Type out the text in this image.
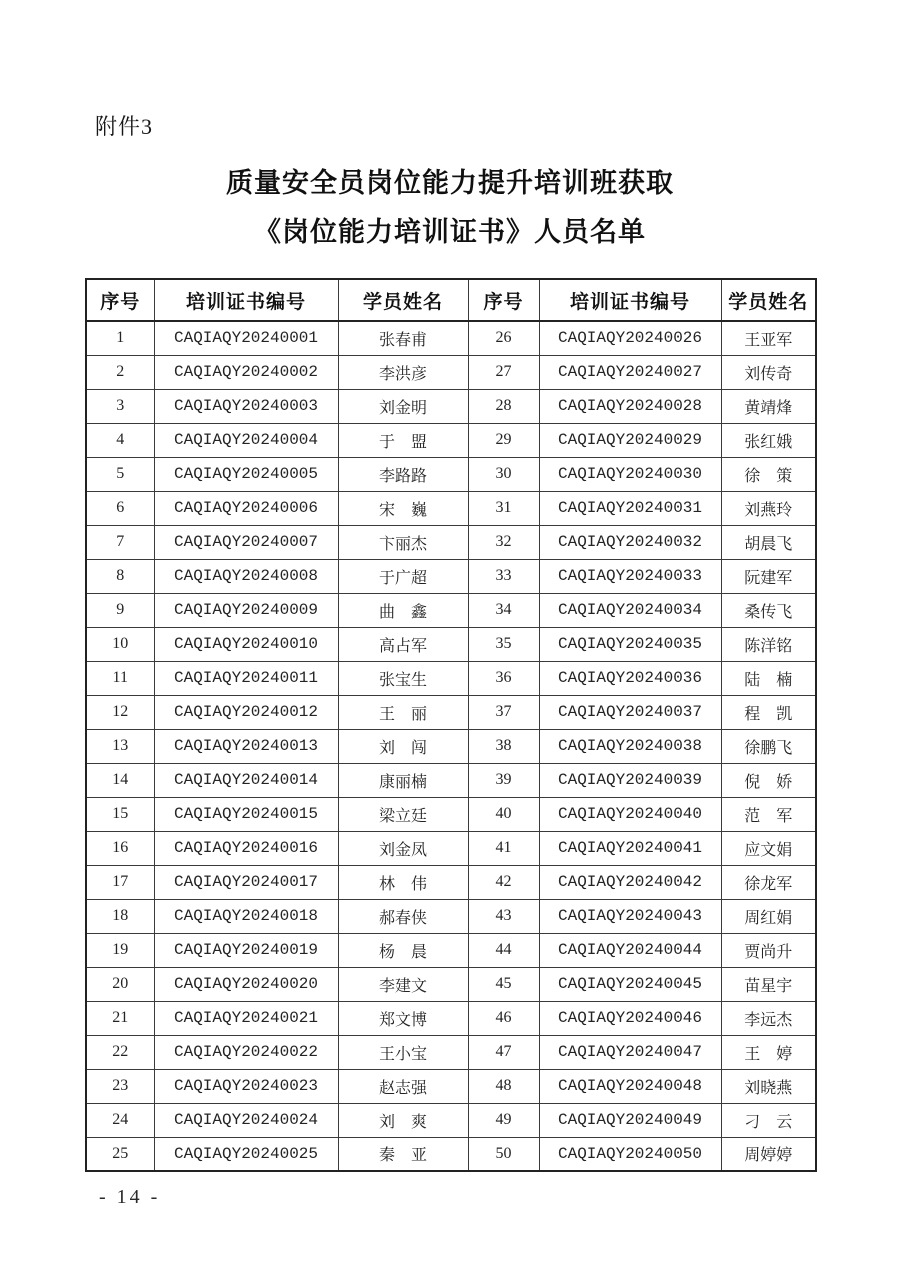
附件3
质量安全员岗位能力提升培训班获取
《岗位能力培训证书》人员名单
序号	培训证书编号	学员姓名	序号	培训证书编号	学员姓名
1	CAQIAQY20240001	张春甫	26	CAQIAQY20240026	王亚军
2	CAQIAQY20240002	李洪彦	27	CAQIAQY20240027	刘传奇
3	CAQIAQY20240003	刘金明	28	CAQIAQY20240028	黄靖烽
4	CAQIAQY20240004	于　盟	29	CAQIAQY20240029	张红娥
5	CAQIAQY20240005	李路路	30	CAQIAQY20240030	徐　策
6	CAQIAQY20240006	宋　巍	31	CAQIAQY20240031	刘燕玲
7	CAQIAQY20240007	卞丽杰	32	CAQIAQY20240032	胡晨飞
8	CAQIAQY20240008	于广超	33	CAQIAQY20240033	阮建军
9	CAQIAQY20240009	曲　鑫	34	CAQIAQY20240034	桑传飞
10	CAQIAQY20240010	高占军	35	CAQIAQY20240035	陈洋铭
11	CAQIAQY20240011	张宝生	36	CAQIAQY20240036	陆　楠
12	CAQIAQY20240012	王　丽	37	CAQIAQY20240037	程　凯
13	CAQIAQY20240013	刘　闯	38	CAQIAQY20240038	徐鹏飞
14	CAQIAQY20240014	康丽楠	39	CAQIAQY20240039	倪　娇
15	CAQIAQY20240015	梁立廷	40	CAQIAQY20240040	范　军
16	CAQIAQY20240016	刘金凤	41	CAQIAQY20240041	应文娟
17	CAQIAQY20240017	林　伟	42	CAQIAQY20240042	徐龙军
18	CAQIAQY20240018	郝春侠	43	CAQIAQY20240043	周红娟
19	CAQIAQY20240019	杨　晨	44	CAQIAQY20240044	贾尚升
20	CAQIAQY20240020	李建文	45	CAQIAQY20240045	苗星宇
21	CAQIAQY20240021	郑文博	46	CAQIAQY20240046	李远杰
22	CAQIAQY20240022	王小宝	47	CAQIAQY20240047	王　婷
23	CAQIAQY20240023	赵志强	48	CAQIAQY20240048	刘晓燕
24	CAQIAQY20240024	刘　爽	49	CAQIAQY20240049	刁　云
25	CAQIAQY20240025	秦　亚	50	CAQIAQY20240050	周婷婷
- 14 -
